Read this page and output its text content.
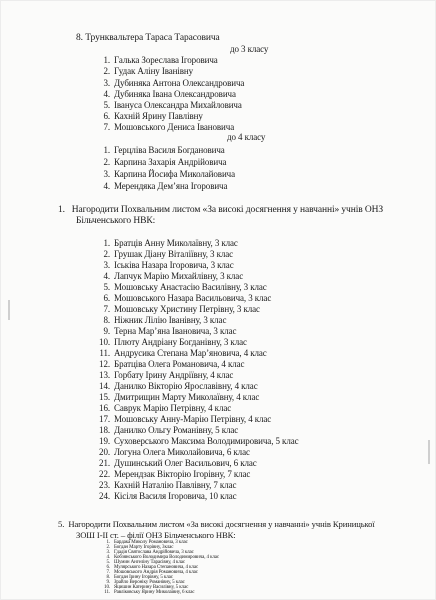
8. Трунквальтера Тараса Тарасовича
до 3 класу
1. Галька Зореслава Ігоровича
2. Гудак Аліну Іванівну
3. Дубиняка Антона Олександровича
4. Дубиняка Івана Олександровича
5. Івануса Олександра Михайловича
6. Кахній Ярину Павлівну
7. Мошовського Дениса Івановича
до 4 класу
1. Герцлiвa Василя Богдановича
2. Карпина Захарія Андрійовича
3. Карпина Йосифа Миколайовича
4. Мерендяка Дем’яна Ігоровича
1. Нагородити Похвальним листом «За високі досягнення у навчанні» учнів ОНЗ
Більченського НВК:
1. Братців Анну Миколаївну, 3 клас
2. Грушак Діану Віталіївну, 3 клас
3. Іськіва Назара Ігоровича, 3 клас
4. Лапчук Марію Михайлівну, 3 клас
5. Мошовську Анастасію Василівну, 3 клас
6. Мошовського Назара Васильовича, 3 клас
7. Мошовську Христину Петрівну, 3 клас
8. Ніжник Лілію Іванівну, 3 клас
9. Терна Мар’яна Івановича, 3 клас
10. Плюту Андріану Богданівну, 3 клас
11. Андрусика Степана Мар’яновича, 4 клас
12. Братціва Олега Романовича, 4 клас
13. Горбату Ірину Андріївну, 4 клас
14. Данилко Вікторію Ярославівну, 4 клас
15. Дмитрищин Марту Миколаївну, 4 клас
16. Саврук Марію Петрівну, 4 клас
17. Мошовську Анну-Марію Петрівну, 4 клас
18. Данилко Ольгу Романівну, 5 клас
19. Суховерського Максима Володимировича, 5 клас
20. Логуна Олега Миколайовича, 6 клас
21. Душинський Олег Васильович, 6 клас
22. Мерендзак Вікторію Ігорівну, 7 клас
23. Кахній Наталію Павлівну, 7 клас
24. Кісіля Василя Ігоровича, 10 клас
5. Нагородити Похвальним листом «За високі досягнення у навчанні» учнів Криницької
ЗОШ І-ІІ ст. – філії ОНЗ Більченського НВК:
1. Бардака Миколу Романовича, 3 клас
2. Богдан Марту Ігорівну, 3клас
3. Гдадія Святослава Андрійовича, 3 клас
4. Кобзянського Володимира Володимировича, 4 клас
5. Шумин Ангеліну Тарасівну, 4 клас
6. Мулярського Назара Степановича, 4 клас
7. Мошовського Андрія Романовича, 4 клас
8. Богдан Ірину Ігорівну, 5 клас
9. Зрайло Вероніку Романівну, 5 клас
10. Яцишин Катерину Василівну, 5 клас
11. Равліковську Ярину Миколаївну, 6 клас
